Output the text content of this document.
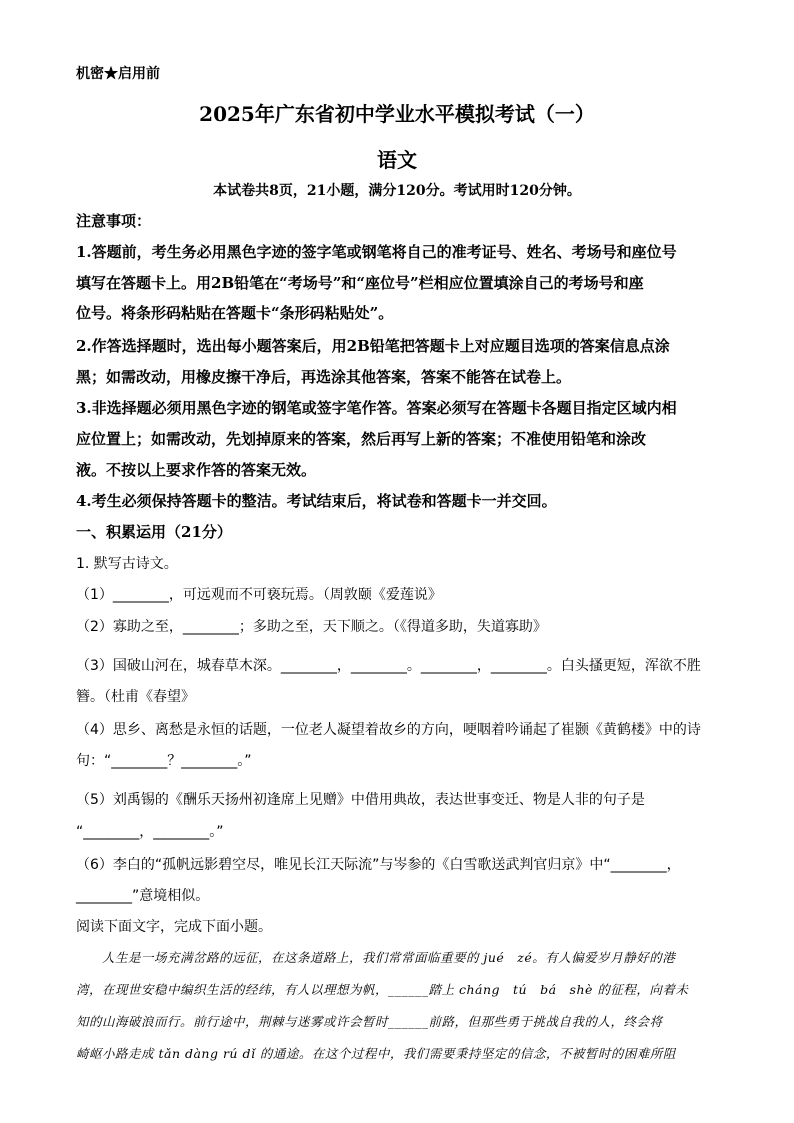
机密★启用前
2025年广东省初中学业水平模拟考试（一）
语文
本试卷共8页，21小题，满分120分。考试用时120分钟。
注意事项：
1.答题前，考生务必用黑色字迹的签字笔或钢笔将自己的准考证号、姓名、考场号和座位号
填写在答题卡上。用2B铅笔在“考场号”和“座位号”栏相应位置填涂自己的考场号和座
位号。将条形码粘贴在答题卡“条形码粘贴处”。
2.作答选择题时，选出每小题答案后，用2B铅笔把答题卡上对应题目选项的答案信息点涂
黑；如需改动，用橡皮擦干净后，再选涂其他答案，答案不能答在试卷上。
3.非选择题必须用黑色字迹的钢笔或签字笔作答。答案必须写在答题卡各题目指定区域内相
应位置上；如需改动，先划掉原来的答案，然后再写上新的答案；不准使用铅笔和涂改
液。不按以上要求作答的答案无效。
4.考生必须保持答题卡的整洁。考试结束后，将试卷和答题卡一并交回。
一、积累运用（21分）
1. 默写古诗文。
（1）________，可远观而不可亵玩焉。（周敦颐《爱莲说》
（2）寡助之至，________；多助之至，天下顺之。（《得道多助，失道寡助》
（3）国破山河在，城春草木深。________，________。________，________。白头搔更短，浑欲不胜
簪。（杜甫《春望》
（4）思乡、离愁是永恒的话题，一位老人凝望着故乡的方向，哽咽着吟诵起了崔颢《黄鹤楼》中的诗
句：“________？________。”
（5）刘禹锡的《酬乐天扬州初逢席上见赠》中借用典故，表达世事变迁、物是人非的句子是
“________，________。”
（6）李白的“孤帆远影碧空尽，唯见长江天际流”与岑参的《白雪歌送武判官归京》中“________，
________”意境相似。
阅读下面文字，完成下面小题。
　　人生是一场充满岔路的远征，在这条道路上，我们常常面临重要的 jué　zé。有人偏爱岁月静好的港
湾，在现世安稳中编织生活的经纬，有人以理想为帆，______踏上 cháng　tú　bá　shè 的征程，向着未
知的山海破浪而行。前行途中，荆棘与迷雾或许会暂时______前路，但那些勇于挑战自我的人，终会将
崎岖小路走成 tǎn dàng rú dǐ 的通途。在这个过程中，我们需要秉持坚定的信念，不被暂时的困难所阻
